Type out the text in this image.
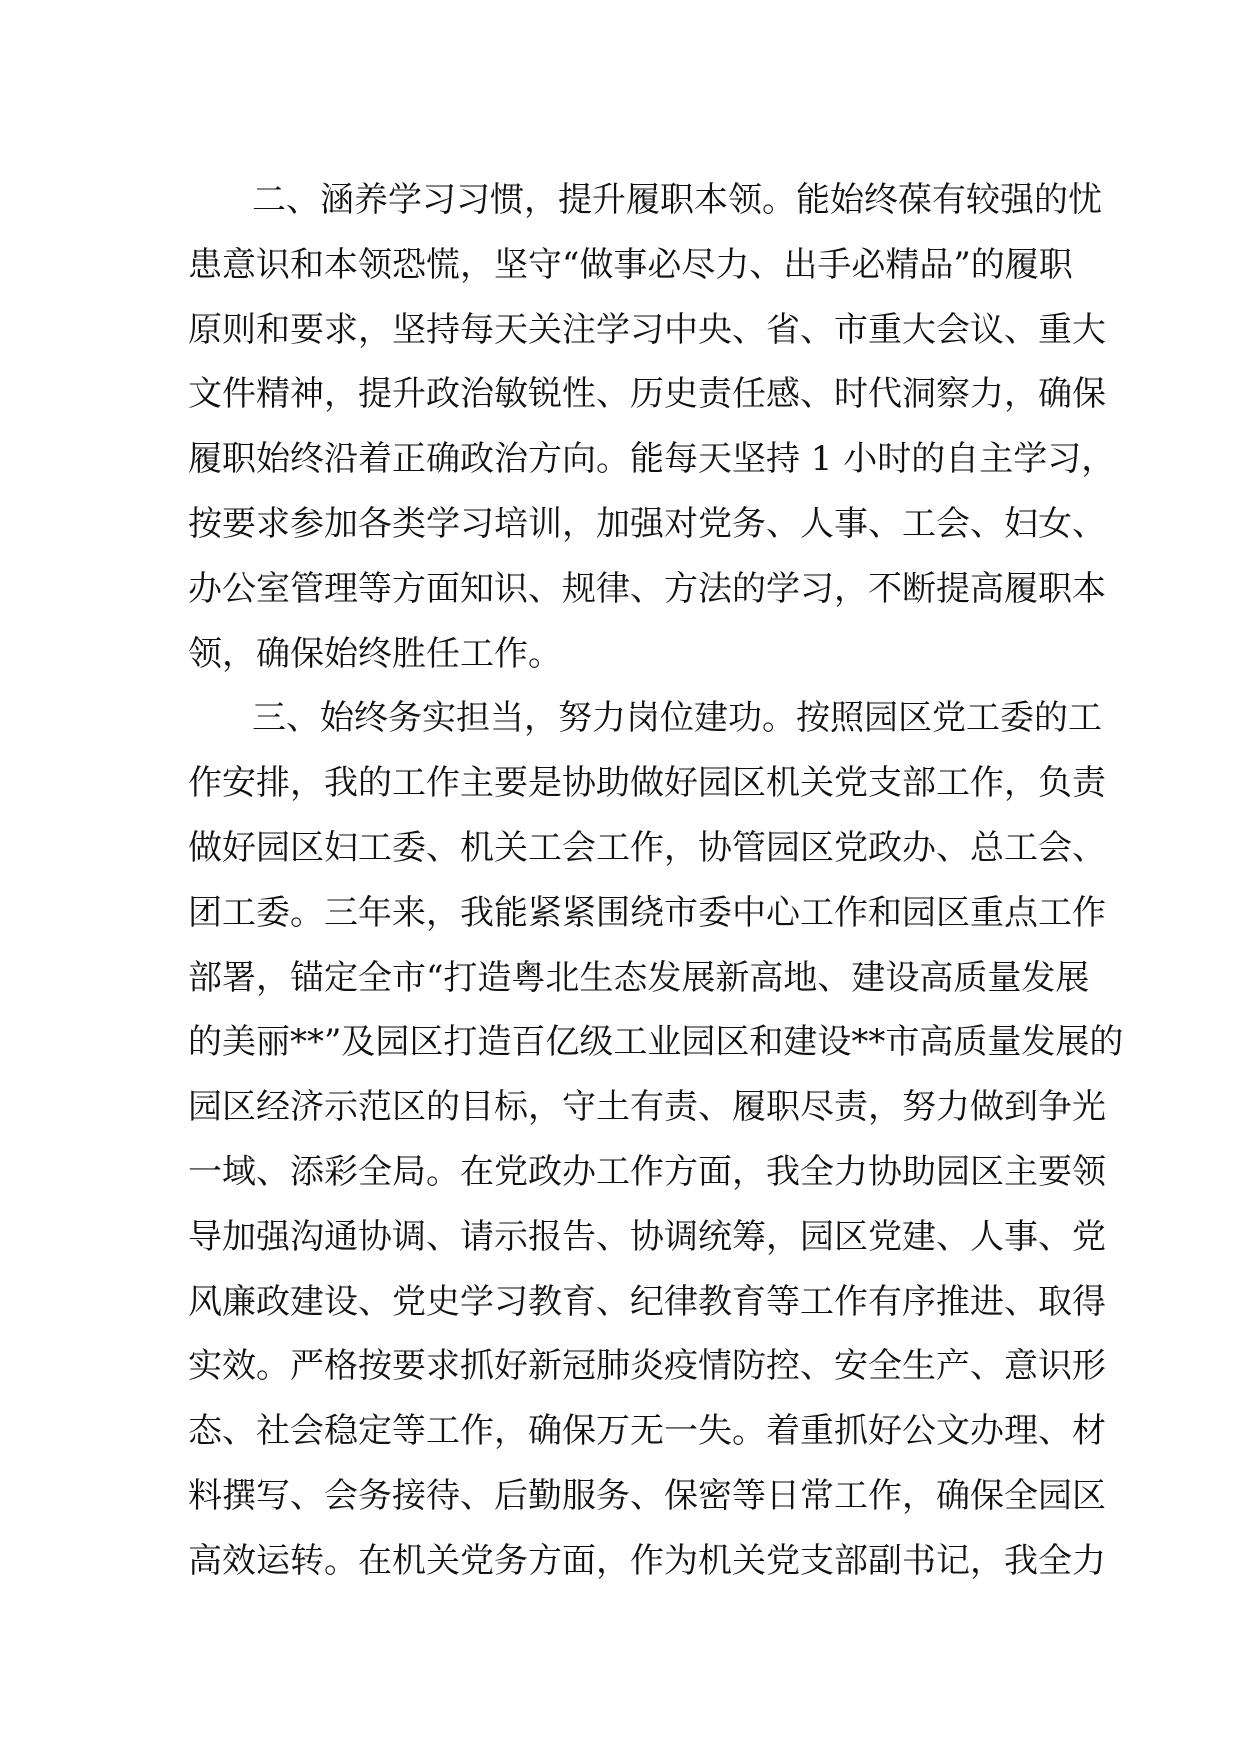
二、涵养学习习惯，提升履职本领。能始终葆有较强的忧
患意识和本领恐慌，坚守“做事必尽力、出手必精品”的履职
原则和要求，坚持每天关注学习中央、省、市重大会议、重大
文件精神，提升政治敏锐性、历史责任感、时代洞察力，确保
履职始终沿着正确政治方向。能每天坚持 1 小时的自主学习，
按要求参加各类学习培训，加强对党务、人事、工会、妇女、
办公室管理等方面知识、规律、方法的学习，不断提高履职本
领，确保始终胜任工作。
三、始终务实担当，努力岗位建功。按照园区党工委的工
作安排，我的工作主要是协助做好园区机关党支部工作，负责
做好园区妇工委、机关工会工作，协管园区党政办、总工会、
团工委。三年来，我能紧紧围绕市委中心工作和园区重点工作
部署，锚定全市“打造粤北生态发展新高地、建设高质量发展
的美丽**”及园区打造百亿级工业园区和建设**市高质量发展的
园区经济示范区的目标，守土有责、履职尽责，努力做到争光
一域、添彩全局。在党政办工作方面，我全力协助园区主要领
导加强沟通协调、请示报告、协调统筹，园区党建、人事、党
风廉政建设、党史学习教育、纪律教育等工作有序推进、取得
实效。严格按要求抓好新冠肺炎疫情防控、安全生产、意识形
态、社会稳定等工作，确保万无一失。着重抓好公文办理、材
料撰写、会务接待、后勤服务、保密等日常工作，确保全园区
高效运转。在机关党务方面，作为机关党支部副书记，我全力
